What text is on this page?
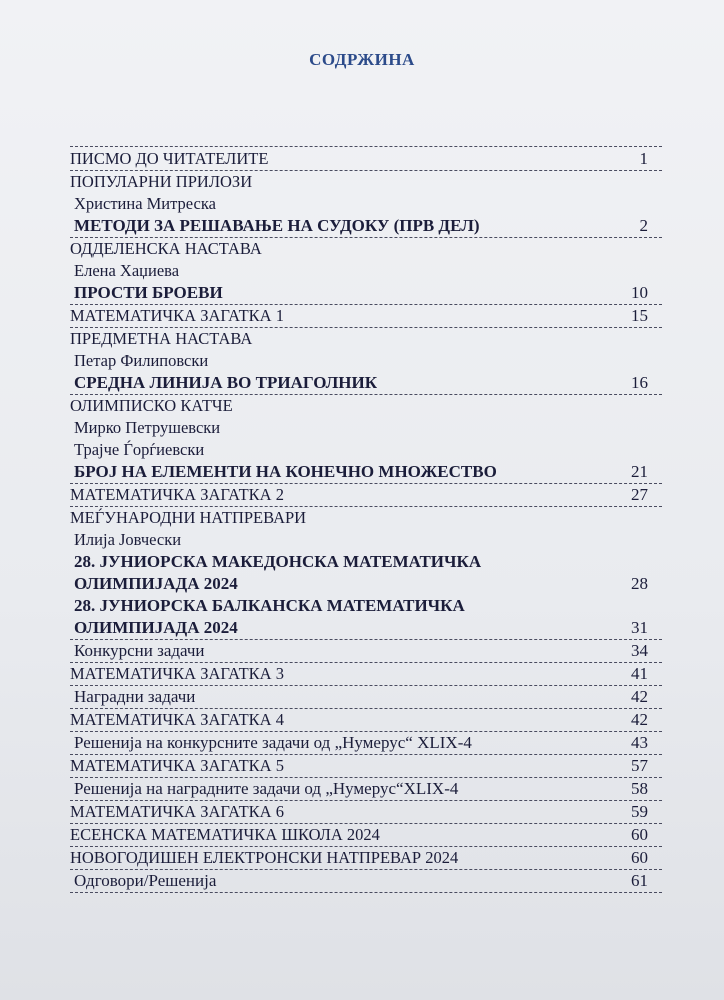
СОДРЖИНА
ПИСМО ДО ЧИТАТЕЛИТЕ	1
ПОПУЛАРНИ ПРИЛОЗИ
Христина Митреска
МЕТОДИ ЗА РЕШАВАЊЕ НА СУДОКУ (ПРВ ДЕЛ)	2
ОДДЕЛЕНСКА НАСТАВА
Елена Хаџиева
ПРОСТИ БРОЕВИ	10
МАТЕМАТИЧКА ЗАГАТКА 1	15
ПРЕДМЕТНА НАСТАВА
Петар Филиповски
СРЕДНА ЛИНИЈА ВО ТРИАГОЛНИК	16
ОЛИМПИСКО КАТЧЕ
Мирко Петрушевски
Трајче Ѓорѓиевски
БРОЈ НА ЕЛЕМЕНТИ НА КОНЕЧНО МНОЖЕСТВО	21
МАТЕМАТИЧКА ЗАГАТКА 2	27
МЕЃУНАРОДНИ НАТПРЕВАРИ
Илија Јовчески
28. ЈУНИОРСКА МАКЕДОНСКА МАТЕМАТИЧКА
ОЛИМПИЈАДА 2024	28
28. ЈУНИОРСКА БАЛКАНСКА МАТЕМАТИЧКА
ОЛИМПИЈАДА 2024	31
Конкурсни задачи	34
МАТЕМАТИЧКА ЗАГАТКА 3	41
Наградни задачи	42
МАТЕМАТИЧКА ЗАГАТКА 4	42
Решенија на конкурсните задачи од „Нумерус“ XLIX-4	43
МАТЕМАТИЧКА ЗАГАТКА 5	57
Решенија на наградните задачи од „Нумерус“XLIX-4	58
МАТЕМАТИЧКА ЗАГАТКА 6	59
ЕСЕНСКА МАТЕМАТИЧКА ШКОЛА 2024	60
НОВОГОДИШЕН ЕЛЕКТРОНСКИ НАТПРЕВАР 2024	60
Одговори/Решенија	61
